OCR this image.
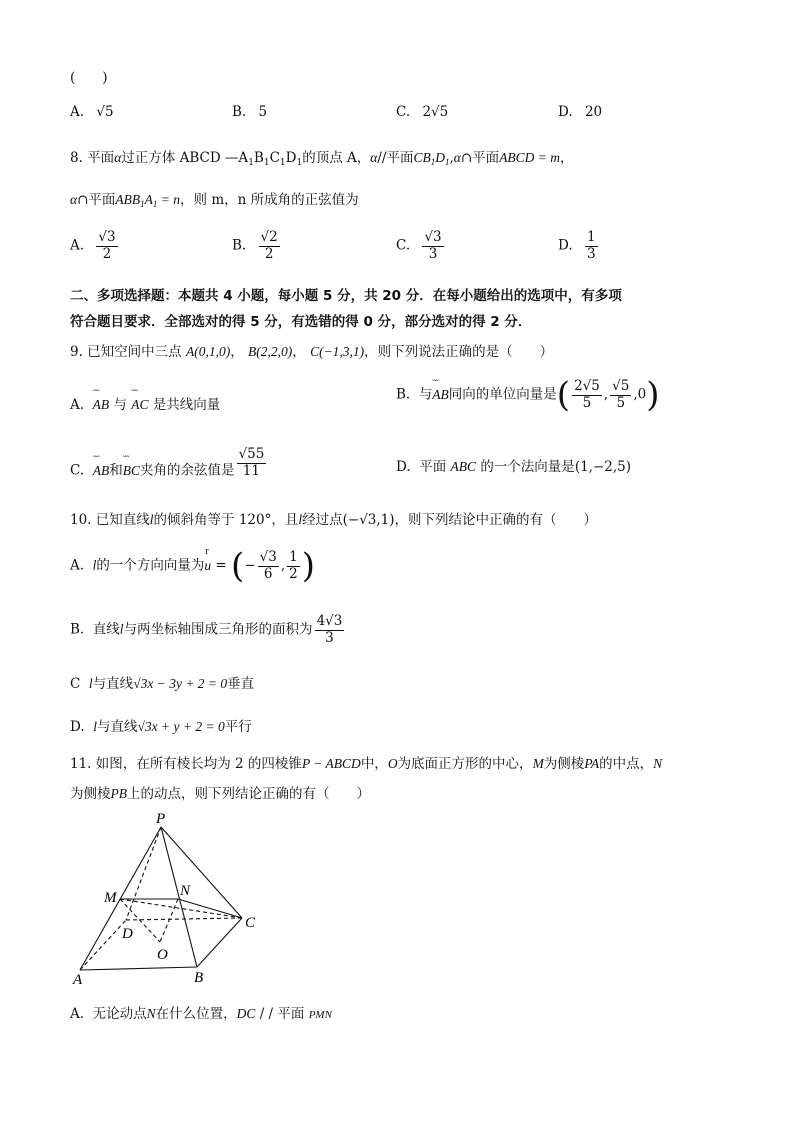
(　　)
A. √5	B. 5	C. 2√5	D. 20
8. 平面α过正方体 ABCD $—A_1B_1C_1D_1$的顶点 A，α//平面$CB_1D_1,\alpha\cap$平面ABCD = m，
α∩平面$ABB_1A_1 = n$，则 m，n 所成角的正弦值为
A. $\frac{√3}{2}$	B. $\frac{√2}{2}$	C. $\frac{√3}{3}$	D. $\frac{1}{3}$
二、多项选择题：本题共 4 小题，每小题 5 分，共 20 分．在每小题给出的选项中，有多项
符合题目要求．全部选对的得 5 分，有选错的得 0 分，部分选对的得 2 分．
9. 已知空间中三点 A(0,1,0)， B(2,2,0)， C(−1,3,1)，则下列说法正确的是（　　）
A.  ˘˘˘ AB 与 ˘˘˘ AC 是共线向量
B.  与˘˘˘ AB同向的单位向量是( $\frac{2√5}{5}$ , $\frac{√5}{5} ,0$)
C.  ˘˘˘ AB和˘˘˘ BC夹角的余弦值是 $\frac{√55}{11}$	D.  平面 ABC 的一个法向量是(1,−2,5)
10. 已知直线l的倾斜角等于 120°，且l经过点(−√3,1)，则下列结论中正确的有（　　）
A.  l的一个方向向量为u
r
= (− $\frac{√3}{6}$ , $\frac{1}{2}$ )
B.  直线l与两坐标轴围成三角形的面积为 $\frac{4√3}{3}$
C  l与直线√3x − 3y + 2 = 0垂直
D.  l与直线√3x + y + 2 = 0平行
11. 如图，在所有棱长均为 2 的四棱锥P − ABCD中，O为底面正方形的中心，M为侧棱PA的中点，N
为侧棱PB上的动点，则下列结论正确的有（　　）
P
M	N
D
C
O
A	B
A. 无论动点N在什么位置，DC / / 平面 PMN
